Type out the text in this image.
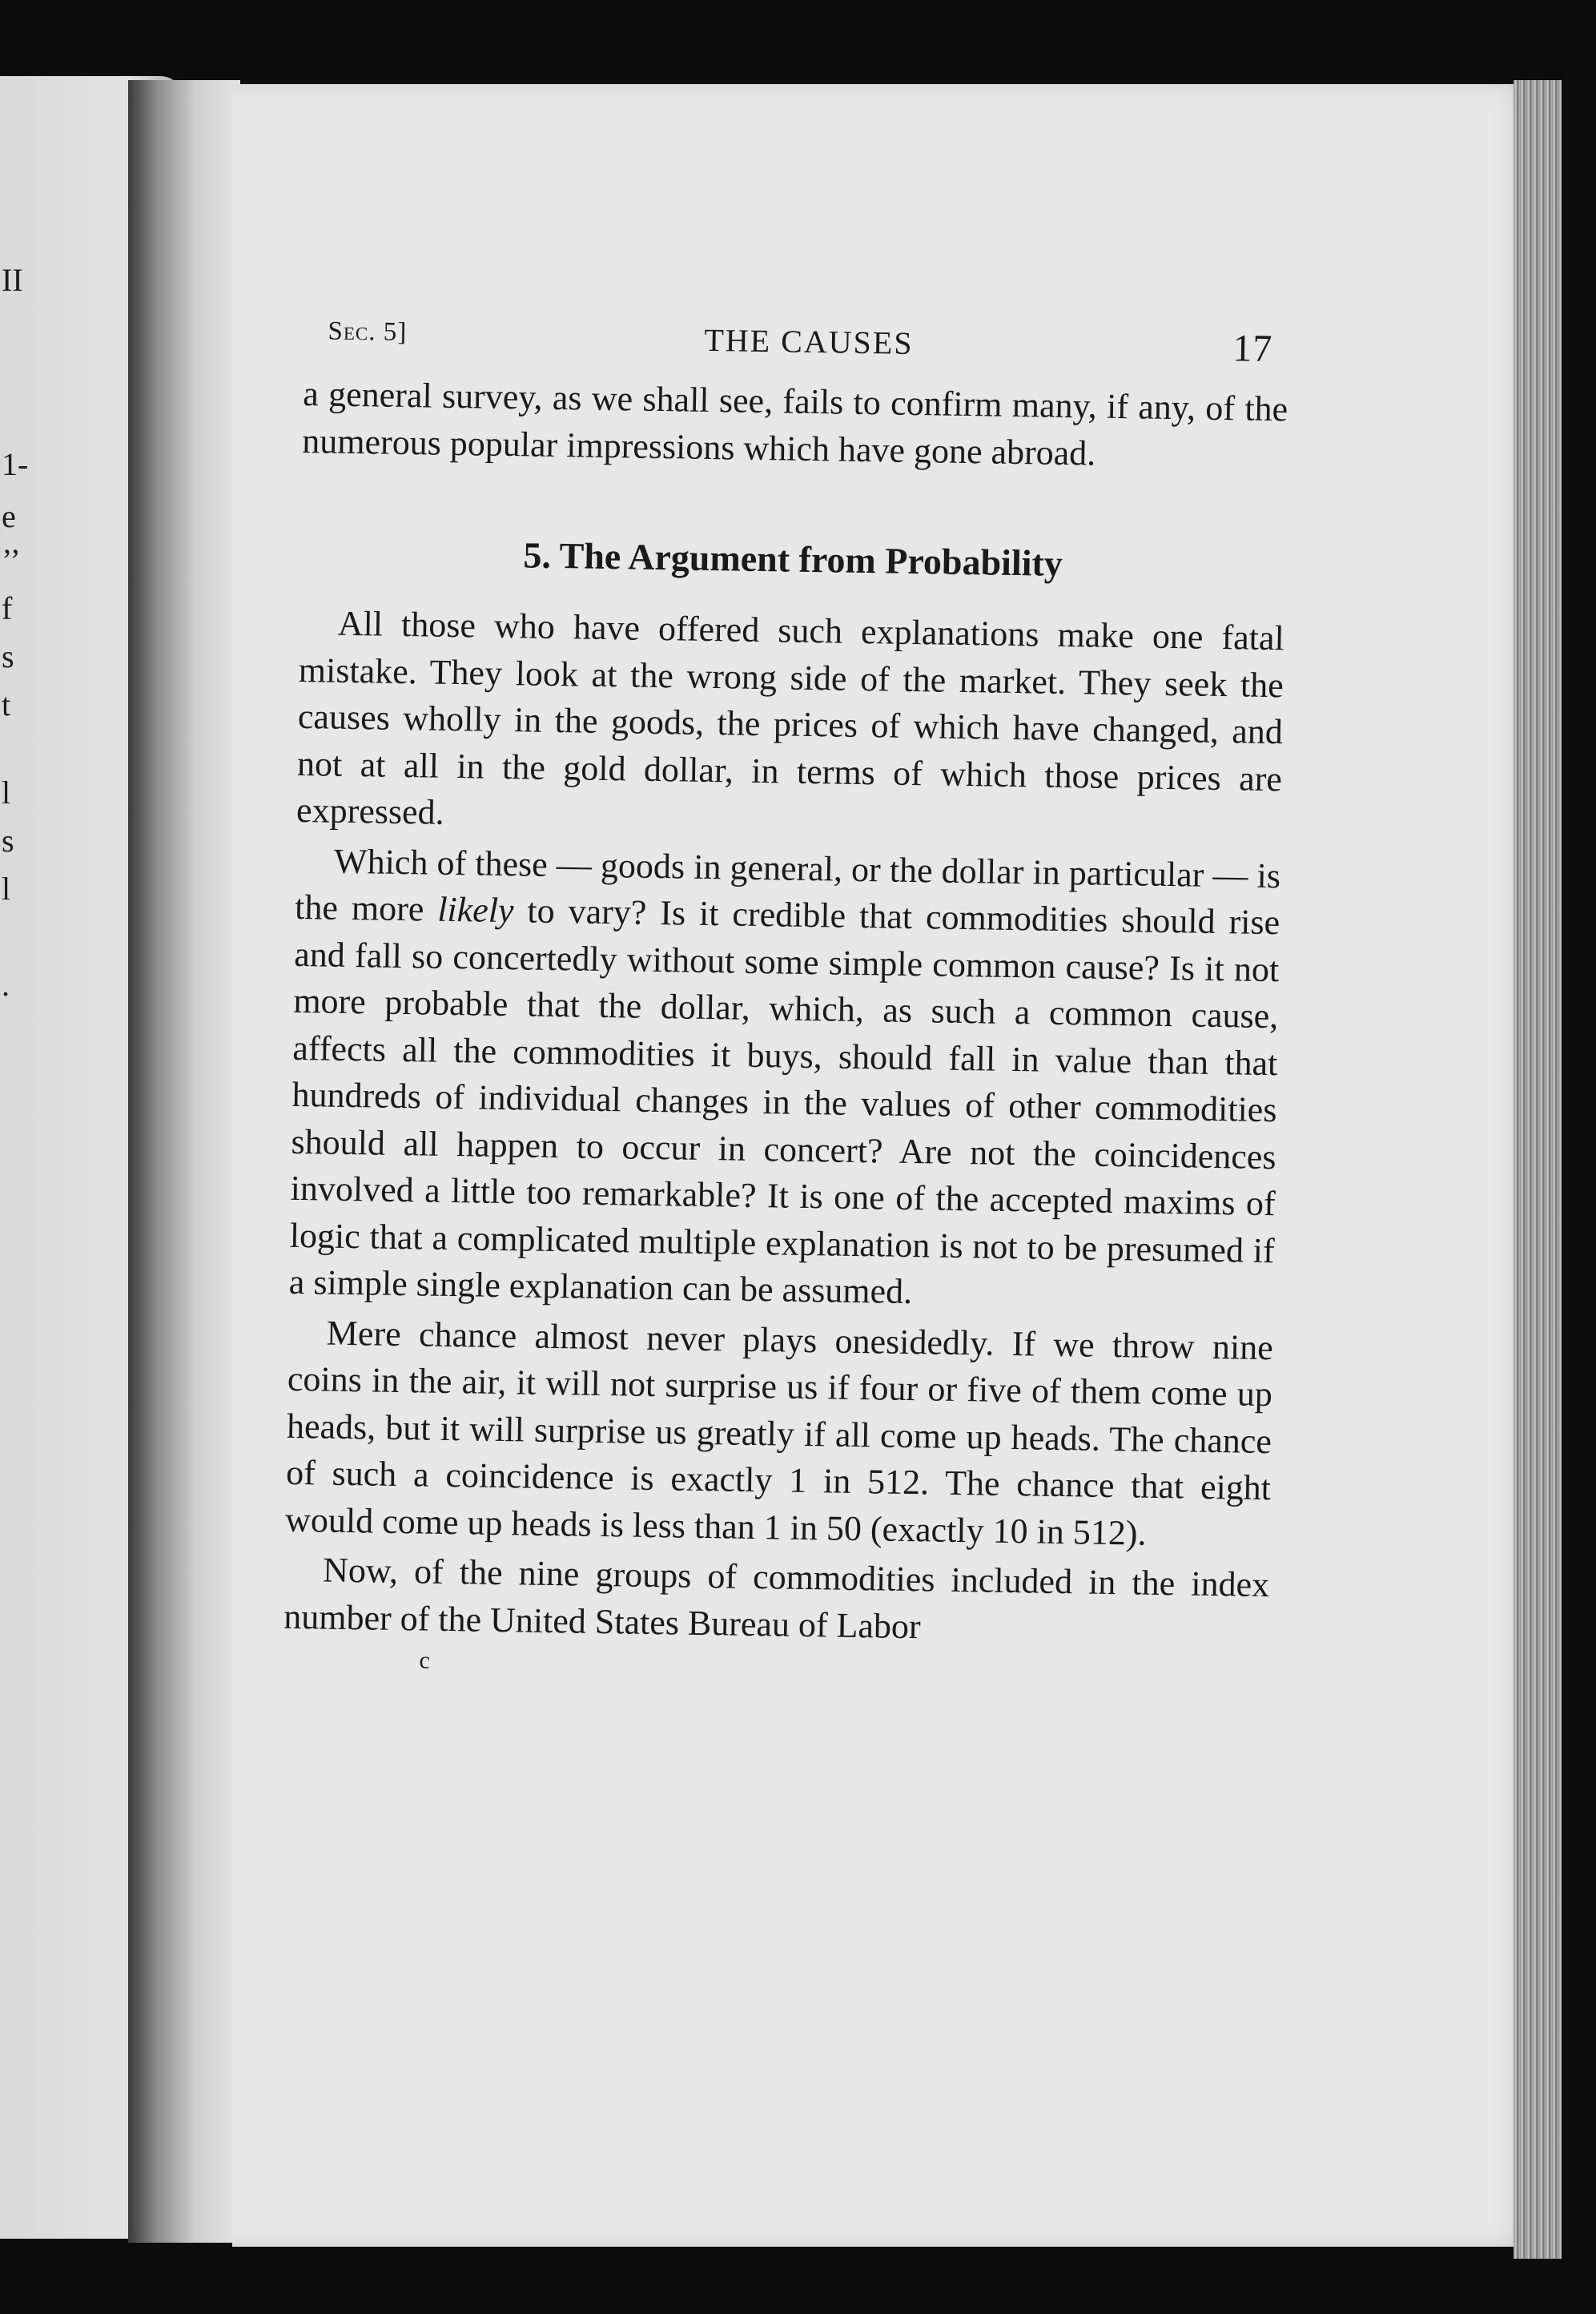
II
1-
e
’’
f
s
t
l
s
l
.
Sec. 5]	THE CAUSES	17

a general survey, as we shall see, fails to confirm many, if any, of the numerous popular impressions which have gone abroad.

5. The Argument from Probability

All those who have offered such explanations make one fatal mistake. They look at the wrong side of the market. They seek the causes wholly in the goods, the prices of which have changed, and not at all in the gold dollar, in terms of which those prices are expressed.

Which of these — goods in general, or the dollar in particular — is the more likely to vary? Is it credible that commodities should rise and fall so concertedly without some simple common cause? Is it not more probable that the dollar, which, as such a common cause, affects all the commodities it buys, should fall in value than that hundreds of individual changes in the values of other commodities should all happen to occur in concert? Are not the coincidences involved a little too remarkable? It is one of the accepted maxims of logic that a complicated multiple explanation is not to be presumed if a simple single explanation can be assumed.

Mere chance almost never plays onesidedly. If we throw nine coins in the air, it will not surprise us if four or five of them come up heads, but it will surprise us greatly if all come up heads. The chance of such a coincidence is exactly 1 in 512. The chance that eight would come up heads is less than 1 in 50 (exactly 10 in 512).

Now, of the nine groups of commodities included in the index number of the United States Bureau of Labor

c
